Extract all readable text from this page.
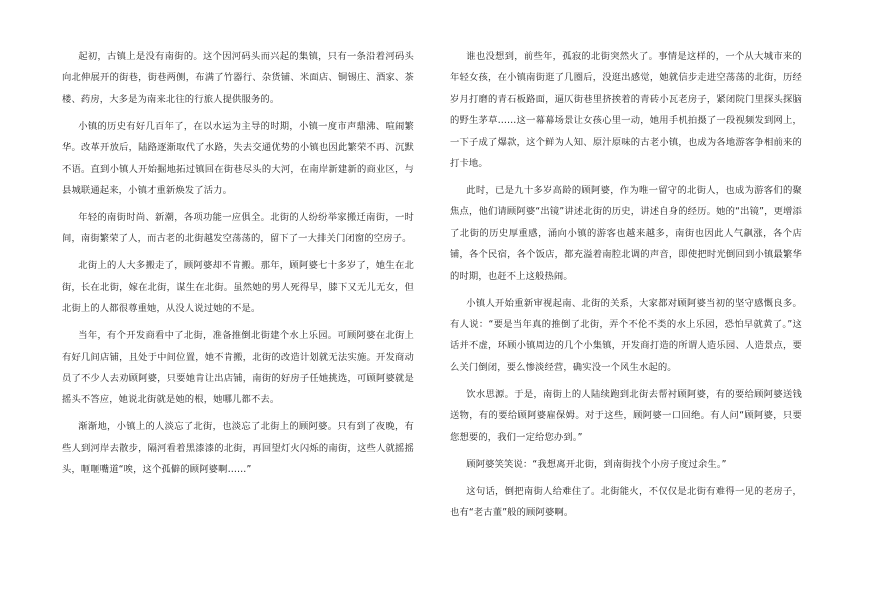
起初，古镇上是没有南街的。这个因河码头而兴起的集镇，只有一条沿着河码头向北伸展开的街巷，街巷两侧，布满了竹器行、杂货铺、米面店、铜锡庄、酒家、茶楼、药房，大多是为南来北往的行旅人提供服务的。

小镇的历史有好几百年了，在以水运为主导的时期，小镇一度市声鼎沸、喧闹繁华。改革开放后，陆路逐渐取代了水路，失去交通优势的小镇也因此繁荣不再、沉默不语。直到小镇人开始掘地拓过镇回在街巷尽头的大河，在南岸新建新的商业区，与县城联通起来，小镇才重新焕发了活力。

年轻的南街时尚、新潮，各项功能一应俱全。北街的人纷纷举家搬迁南街，一时间，南街繁荣了人，而古老的北街越发空荡荡的，留下了一大排关门闭窗的空房子。

北街上的人大多搬走了，顾阿婆却不肯搬。那年，顾阿婆七十多岁了，她生在北街，长在北街，嫁在北街，谋生在北街。虽然她的男人死得早，膝下又无儿无女，但北街上的人都很尊重她，从没人说过她的不是。

当年，有个开发商看中了北街，准备推倒北街建个水上乐园。可顾阿婆在北街上有好几间店铺，且处于中间位置，她不肯搬，北街的改造计划就无法实施。开发商动员了不少人去劝顾阿婆，只要她肯让出店铺，南街的好房子任她挑选，可顾阿婆就是摇头不答应，她说北街就是她的根，她哪儿都不去。

渐渐地，小镇上的人淡忘了北街，也淡忘了北街上的顾阿婆。只有到了夜晚，有些人到河岸去散步，隔河看着黑漆漆的北街，再回望灯火闪烁的南街，这些人就摇摇头，咂咂嘴道“唉，这个孤僻的顾阿婆啊……”

谁也没想到，前些年，孤寂的北街突然火了。事情是这样的，一个从大城市来的年轻女孩，在小镇南街逛了几圈后，没逛出感觉，她就信步走进空荡荡的北街，历经岁月打磨的青石板路面，逼仄街巷里挤挨着的青砖小瓦老房子，紧闭院门里探头探脑的野生茅草……这一幕幕场景让女孩心里一动，她用手机拍摄了一段视频发到网上，一下子成了爆款，这个鲜为人知、原汁原味的古老小镇，也成为各地游客争相前来的打卡地。

此时，已是九十多岁高龄的顾阿婆，作为唯一留守的北街人，也成为游客们的聚焦点，他们请顾阿婆“出镜”讲述北街的历史，讲述自身的经历。她的“出镜”，更增添了北街的历史厚重感，涌向小镇的游客也越来越多，南街也因此人气飙涨，各个店铺，各个民宿，各个饭店，都充溢着南腔北调的声音，即使把时光倒回到小镇最繁华的时期，也赶不上这般热闹。

小镇人开始重新审视起南、北街的关系，大家都对顾阿婆当初的坚守感慨良多。有人说：“要是当年真的推倒了北街，弄个不伦不类的水上乐园，恐怕早就黄了。”这话并不虚，环顾小镇周边的几个小集镇，开发商打造的所谓人造乐园、人造景点，要么关门倒闭，要么惨淡经营，确实没一个风生水起的。

饮水思源。于是，南街上的人陆续跑到北街去帮衬顾阿婆，有的要给顾阿婆送钱送物，有的要给顾阿婆雇保姆。对于这些，顾阿婆一口回绝。有人问“顾阿婆，只要您想要的，我们一定给您办到。”

顾阿婆笑笑说：“我想离开北街，到南街找个小房子度过余生。”

这句话，倒把南街人给难住了。北街能火，不仅仅是北街有难得一见的老房子，也有“老古董”般的顾阿婆啊。
